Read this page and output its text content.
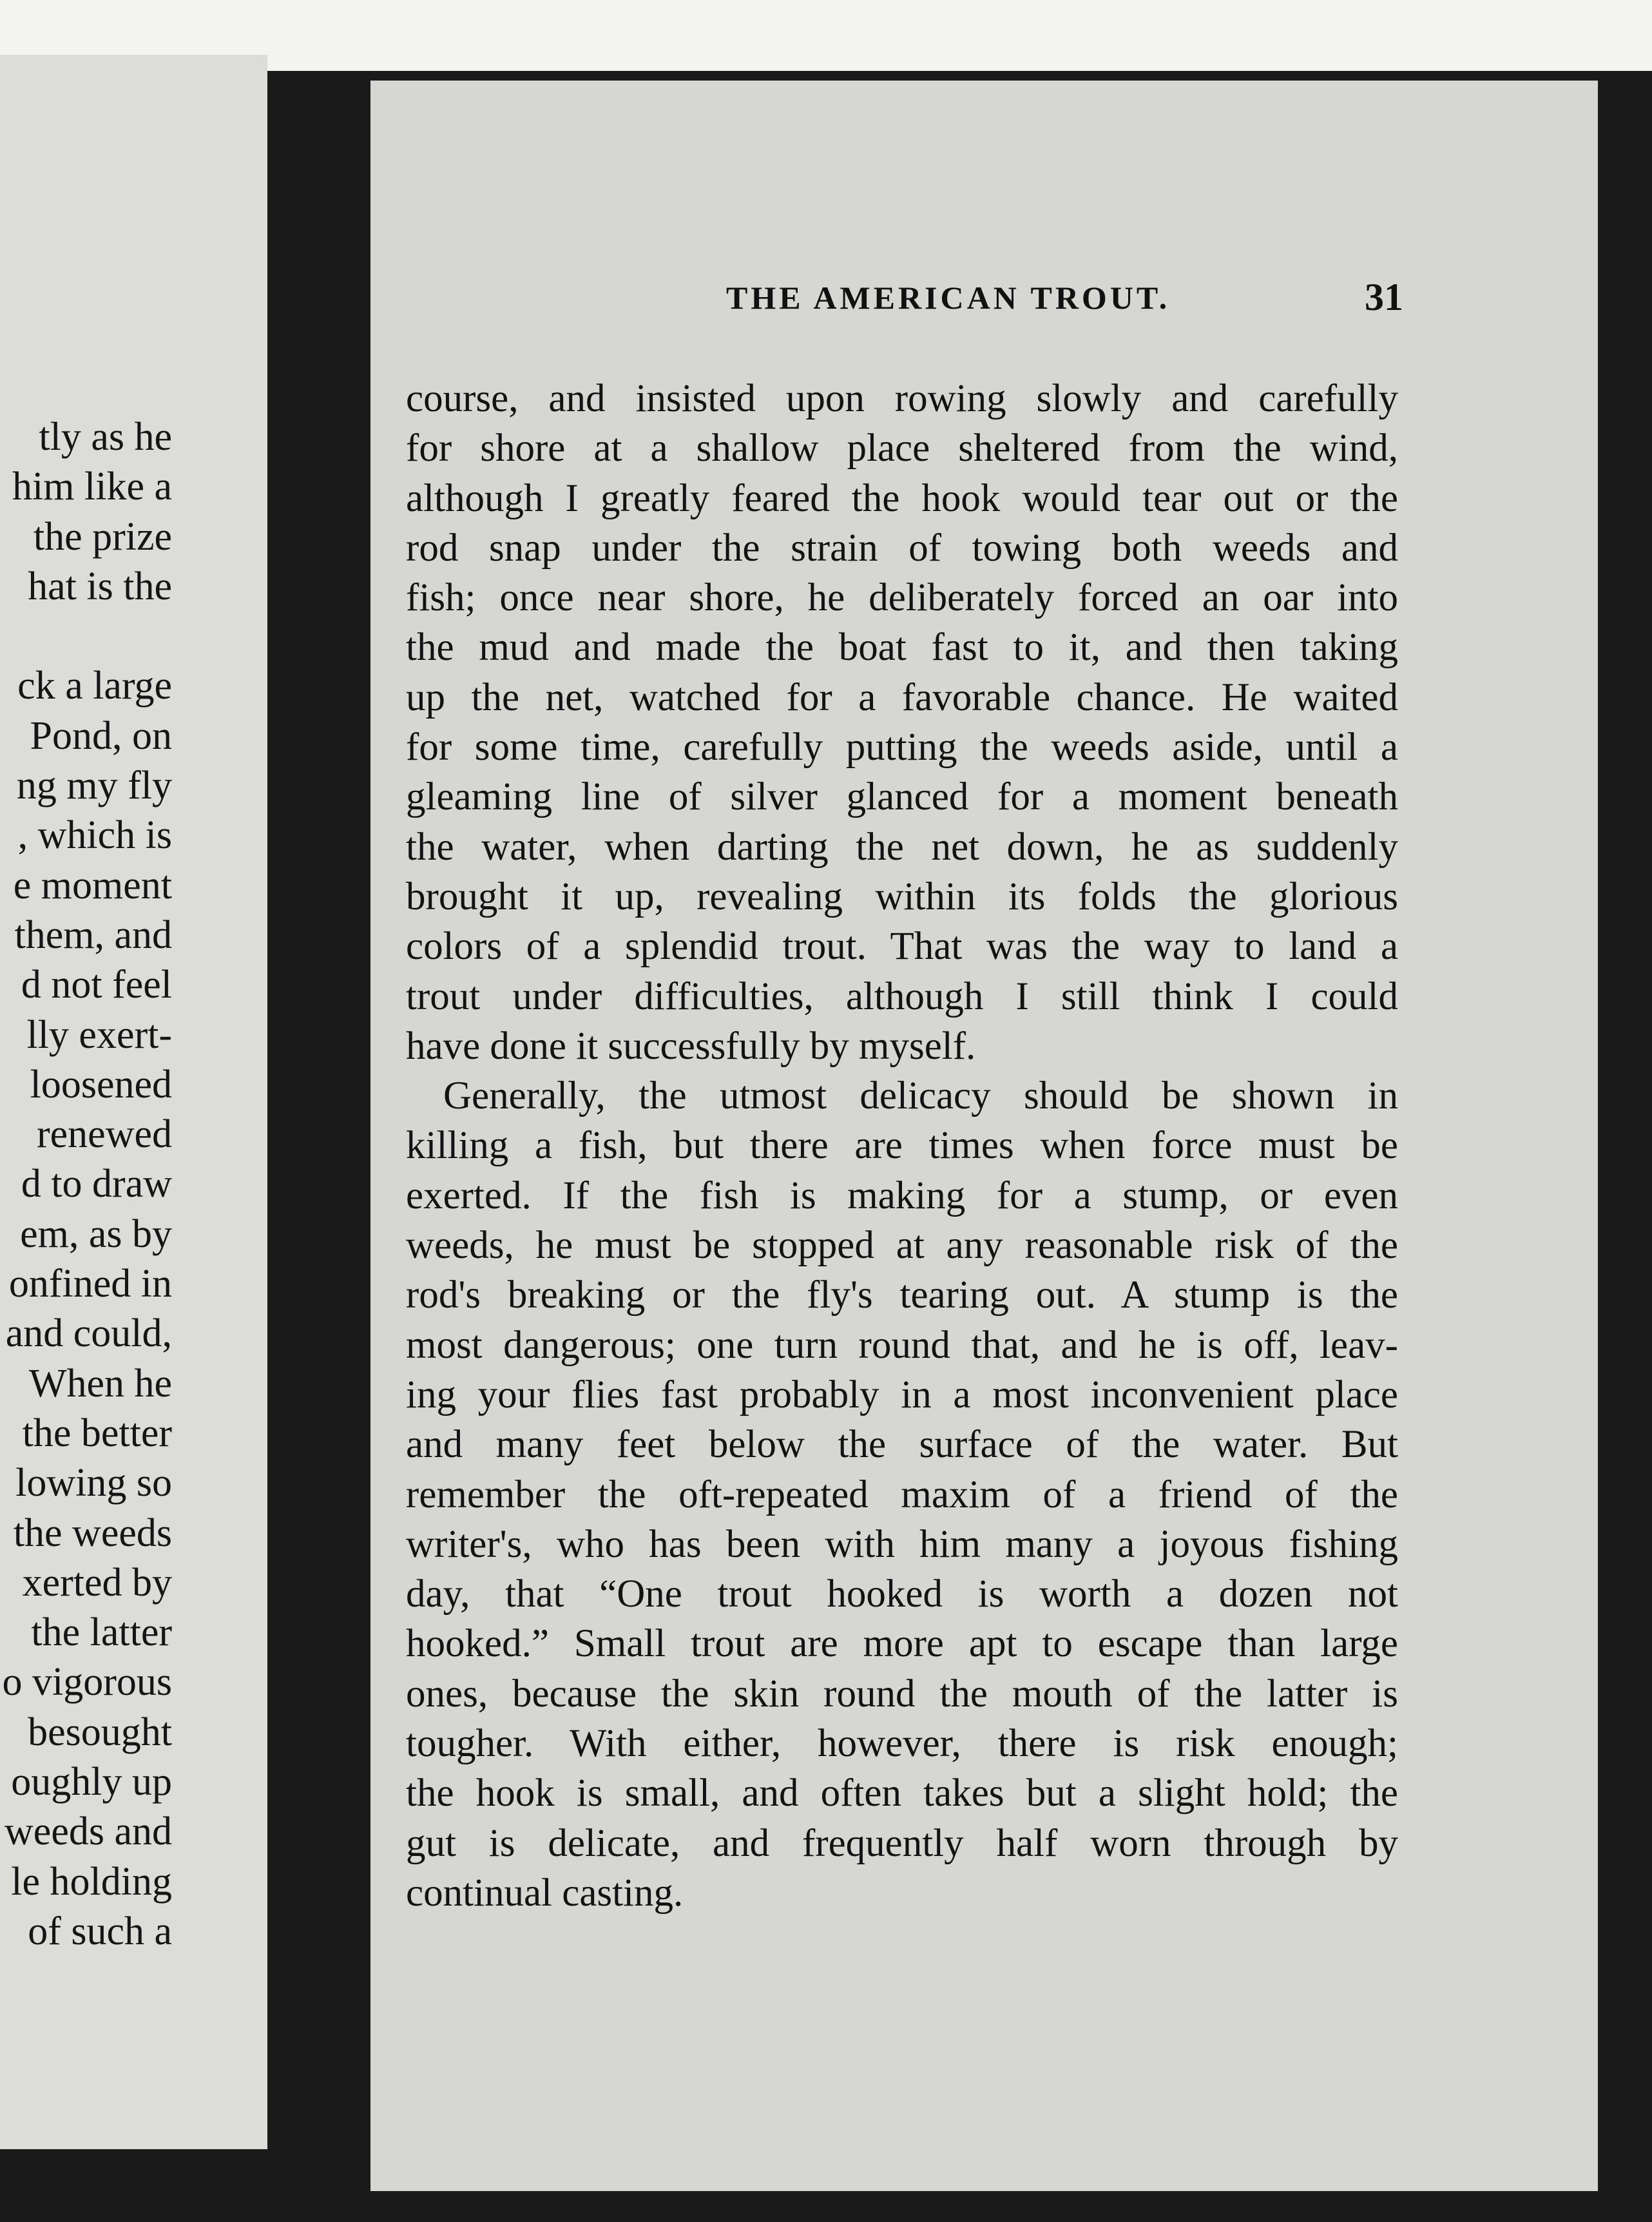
tly as he
him like a
the prize
hat is the
ck a large
Pond, on
ng my fly
, which is
e moment
them, and
d not feel
lly exert-
loosened
renewed
d to draw
em, as by
onfined in
and could,
When he
the better
lowing so
the weeds
xerted by
the latter
o vigorous
besought
oughly up
weeds and
le holding
of such a
THE AMERICAN TROUT.	31
course, and insisted upon rowing slowly and carefully
for shore at a shallow place sheltered from the wind,
although I greatly feared the hook would tear out or the
rod snap under the strain of towing both weeds and
fish; once near shore, he deliberately forced an oar into
the mud and made the boat fast to it, and then taking
up the net, watched for a favorable chance. He waited
for some time, carefully putting the weeds aside, until a
gleaming line of silver glanced for a moment beneath
the water, when darting the net down, he as suddenly
brought it up, revealing within its folds the glorious
colors of a splendid trout. That was the way to land a
trout under difficulties, although I still think I could
have done it successfully by myself.
Generally, the utmost delicacy should be shown in
killing a fish, but there are times when force must be
exerted. If the fish is making for a stump, or even
weeds, he must be stopped at any reasonable risk of the
rod's breaking or the fly's tearing out. A stump is the
most dangerous; one turn round that, and he is off, leav-
ing your flies fast probably in a most inconvenient place
and many feet below the surface of the water. But
remember the oft-repeated maxim of a friend of the
writer's, who has been with him many a joyous fishing
day, that “One trout hooked is worth a dozen not
hooked.” Small trout are more apt to escape than large
ones, because the skin round the mouth of the latter is
tougher. With either, however, there is risk enough;
the hook is small, and often takes but a slight hold; the
gut is delicate, and frequently half worn through by
continual casting.
